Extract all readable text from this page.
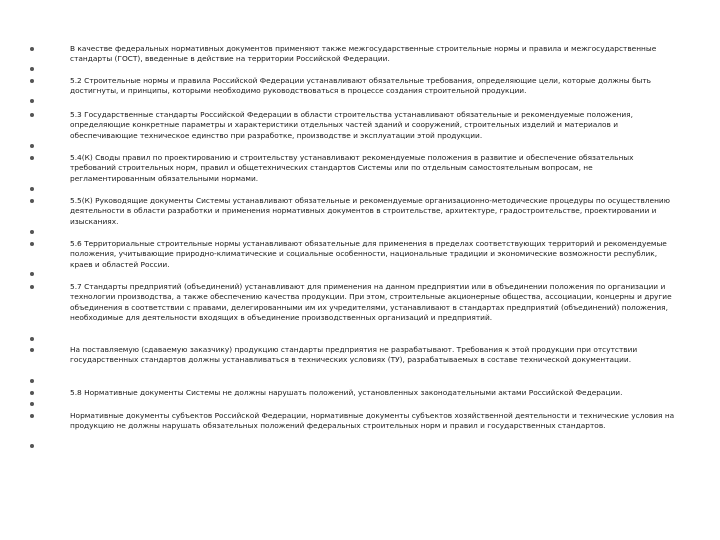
В качестве федеральных нормативных документов применяют также межгосударственные строительные нормы и правила и межгосударственные стандарты (ГОСТ), введенные в действие на территории Российской Федерации.
5.2 Строительные нормы и правила Российской Федерации устанавливают обязательные требования, определяющие цели, которые должны быть достигнуты, и принципы, которыми необходимо руководствоваться в процессе создания строительной продукции.
5.3 Государственные стандарты Российской Федерации в области строительства устанавливают обязательные и рекомендуемые положения, определяющие конкретные параметры и характеристики отдельных частей зданий и сооружений, строительных изделий и материалов и обеспечивающие техническое единство при разработке, производстве и эксплуатации этой продукции.
5.4(К) Своды правил по проектированию и строительству устанавливают рекомендуемые положения в развитие и обеспечение обязательных требований строительных норм, правил и общетехнических стандартов Системы или по отдельным самостоятельным вопросам, не регламентированным обязательными нормами.
5.5(К) Руководящие документы Системы устанавливают обязательные и рекомендуемые организационно-методические процедуры по осуществлению деятельности в области разработки и применения нормативных документов в строительстве, архитектуре, градостроительстве, проектировании и изысканиях.
5.6 Территориальные строительные нормы устанавливают обязательные для применения в пределах соответствующих территорий и рекомендуемые положения, учитывающие природно-климатические и социальные особенности, национальные традиции и экономические возможности республик, краев и областей России.
5.7 Стандарты предприятий (объединений) устанавливают для применения на данном предприятии или в объединении положения по организации и технологии производства, а также обеспечению качества продукции. При этом, строительные акционерные общества, ассоциации, концерны и другие объединения в соответствии с правами, делегированными им их учредителями, устанавливают в стандартах предприятий (объединений) положения, необходимые для деятельности входящих в объединение производственных организаций и предприятий.
На поставляемую (сдаваемую заказчику) продукцию стандарты предприятия не разрабатывают. Требования к этой продукции при отсутствии государственных стандартов должны устанавливаться в технических условиях (ТУ), разрабатываемых в составе технической документации.
5.8 Нормативные документы Системы не должны нарушать положений, установленных законодательными актами Российской Федерации.
Нормативные документы субъектов Российской Федерации, нормативные документы субъектов хозяйственной деятельности и технические условия на продукцию не должны нарушать обязательных положений федеральных строительных норм и правил и государственных стандартов.
